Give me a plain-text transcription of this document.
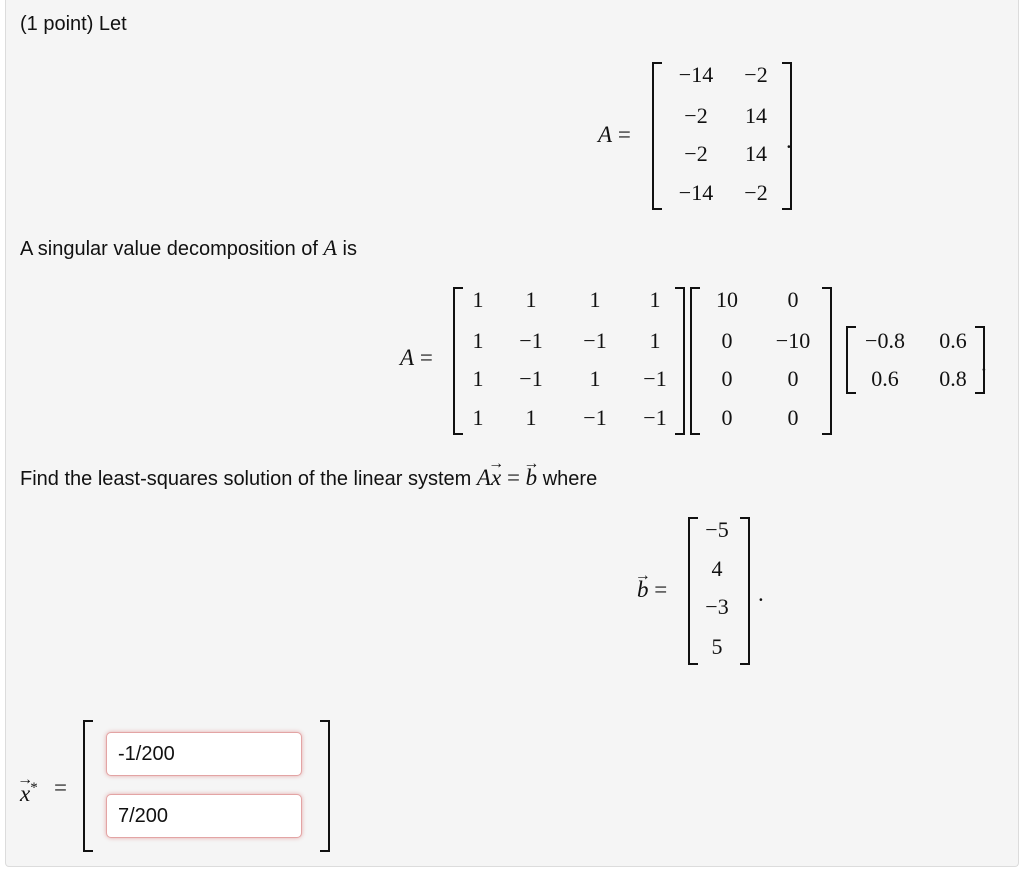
(1 point) Let
A =	.
−14 −2
−2 14
−2 14
−14 −2
A singular value decomposition of A is
A =	.
1 1 1 1
1 −1 −1 1
1 −1 1 −1
1 1 −1 −1
10 0
0 −10
0	0
0	0
−0.8 0.6
0.6 0.8
Find the least-squares solution of the linear system A→ x = → b where
→ b =	.
−5
4
−3
5
→ x* =
-1/200
7/200
